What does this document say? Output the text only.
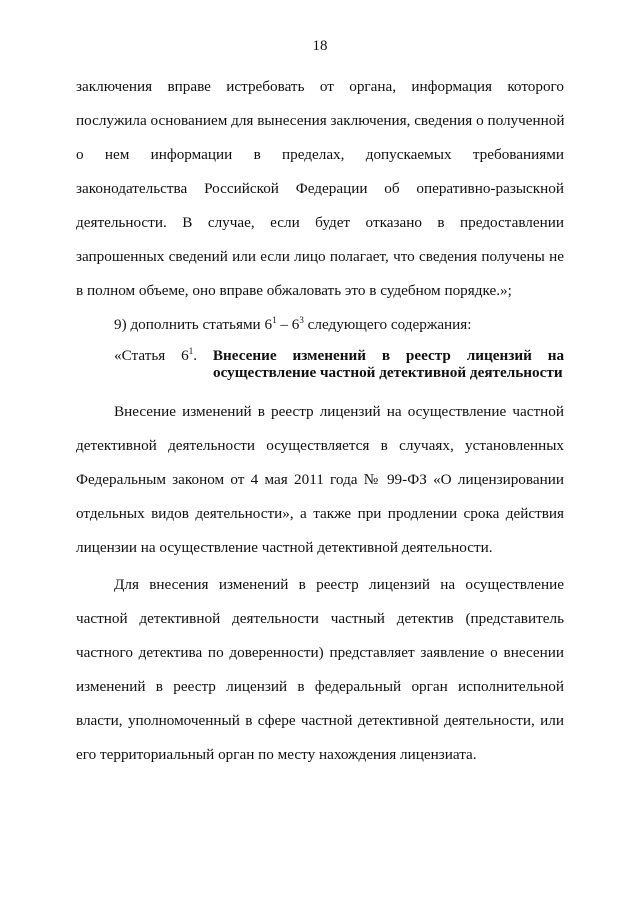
18
заключения вправе истребовать от органа, информация которого
послужила основанием для вынесения заключения, сведения о полученной
о нем информации в пределах, допускаемых требованиями
законодательства Российской Федерации об оперативно-разыскной
деятельности. В случае, если будет отказано в предоставлении
запрошенных сведений или если лицо полагает, что сведения получены не
в полном объеме, оно вправе обжаловать это в судебном порядке.»;
9) дополнить статьями $6^1 - 6^3$ следующего содержания:
«Статья $6^1$. Внесение изменений в реестр лицензий на
осуществление частной детективной деятельности
Внесение изменений в реестр лицензий на осуществление частной
детективной деятельности осуществляется в случаях, установленных
Федеральным законом от 4 мая 2011 года № 99-ФЗ «О лицензировании
отдельных видов деятельности», а также при продлении срока действия
лицензии на осуществление частной детективной деятельности.
Для внесения изменений в реестр лицензий на осуществление
частной детективной деятельности частный детектив (представитель
частного детектива по доверенности) представляет заявление о внесении
изменений в реестр лицензий в федеральный орган исполнительной
власти, уполномоченный в сфере частной детективной деятельности, или
его территориальный орган по месту нахождения лицензиата.
